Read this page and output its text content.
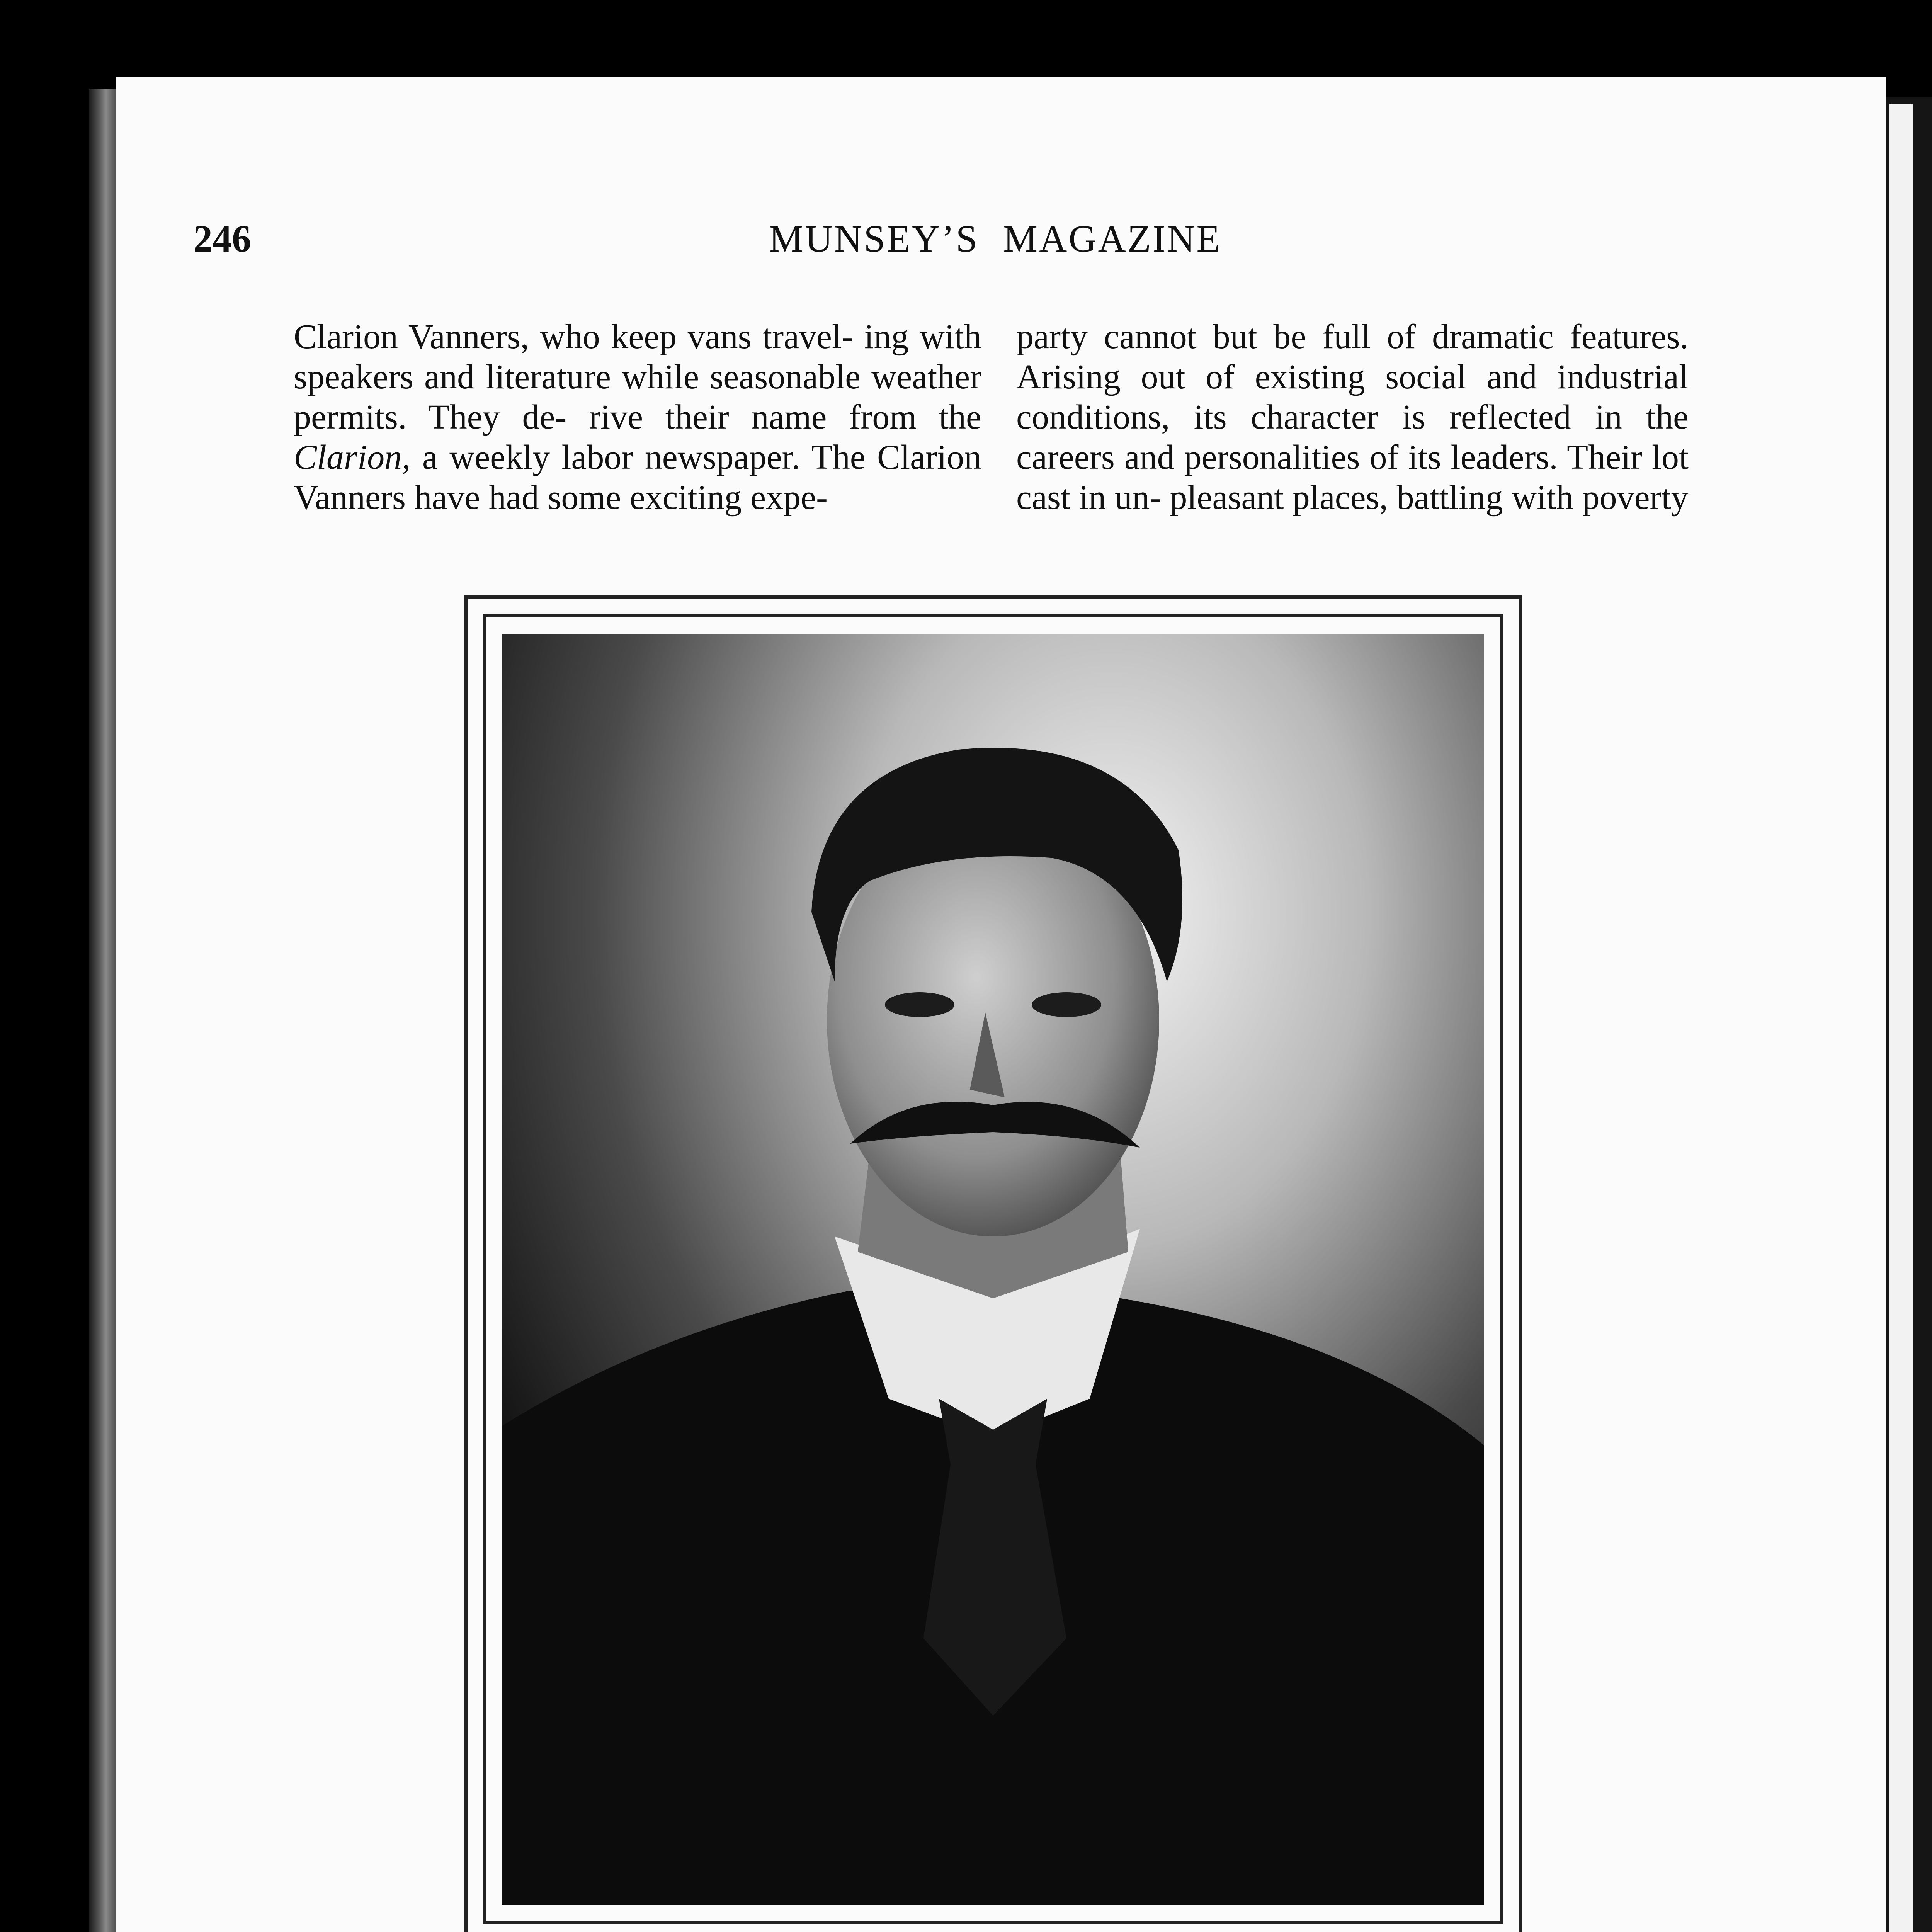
246	MUNSEY’S MAGAZINE

Clarion Vanners, who keep vans travel- ing with speakers and literature while seasonable weather permits. They de- rive their name from the Clarion, a weekly labor newspaper. The Clarion Vanners have had some exciting expe-

party cannot but be full of dramatic features. Arising out of existing social and industrial conditions, its character is reflected in the careers and personalities of its leaders. Their lot cast in un- pleasant places, battling with poverty
